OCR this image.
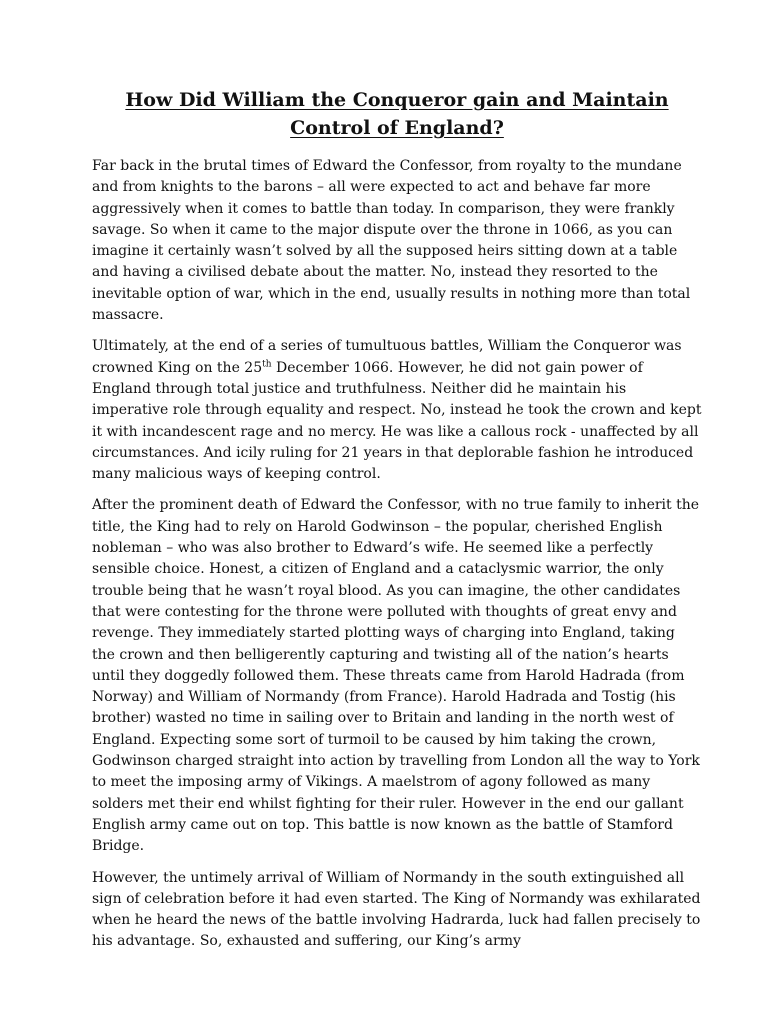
How Did William the Conqueror gain and Maintain
Control of England?

Far back in the brutal times of Edward the Confessor, from royalty to the mundane and from knights to the barons – all were expected to act and behave far more aggressively when it comes to battle than today. In comparison, they were frankly savage. So when it came to the major dispute over the throne in 1066, as you can imagine it certainly wasn’t solved by all the supposed heirs sitting down at a table and having a civilised debate about the matter. No, instead they resorted to the inevitable option of war, which in the end, usually results in nothing more than total massacre.

Ultimately, at the end of a series of tumultuous battles, William the Conqueror was crowned King on the 25th December 1066. However, he did not gain power of England through total justice and truthfulness. Neither did he maintain his imperative role through equality and respect. No, instead he took the crown and kept it with incandescent rage and no mercy. He was like a callous rock - unaffected by all circumstances. And icily ruling for 21 years in that deplorable fashion he introduced many malicious ways of keeping control.

After the prominent death of Edward the Confessor, with no true family to inherit the title, the King had to rely on Harold Godwinson – the popular, cherished English nobleman – who was also brother to Edward’s wife. He seemed like a perfectly sensible choice. Honest, a citizen of England and a cataclysmic warrior, the only trouble being that he wasn’t royal blood. As you can imagine, the other candidates that were contesting for the throne were polluted with thoughts of great envy and revenge. They immediately started plotting ways of charging into England, taking the crown and then belligerently capturing and twisting all of the nation’s hearts until they doggedly followed them. These threats came from Harold Hadrada (from Norway) and William of Normandy (from France). Harold Hadrada and Tostig (his brother) wasted no time in sailing over to Britain and landing in the north west of England. Expecting some sort of turmoil to be caused by him taking the crown, Godwinson charged straight into action by travelling from London all the way to York to meet the imposing army of Vikings. A maelstrom of agony followed as many solders met their end whilst fighting for their ruler. However in the end our gallant English army came out on top. This battle is now known as the battle of Stamford Bridge.

However, the untimely arrival of William of Normandy in the south extinguished all sign of celebration before it had even started. The King of Normandy was exhilarated when he heard the news of the battle involving Hadrarda, luck had fallen precisely to his advantage. So, exhausted and suffering, our King’s army
